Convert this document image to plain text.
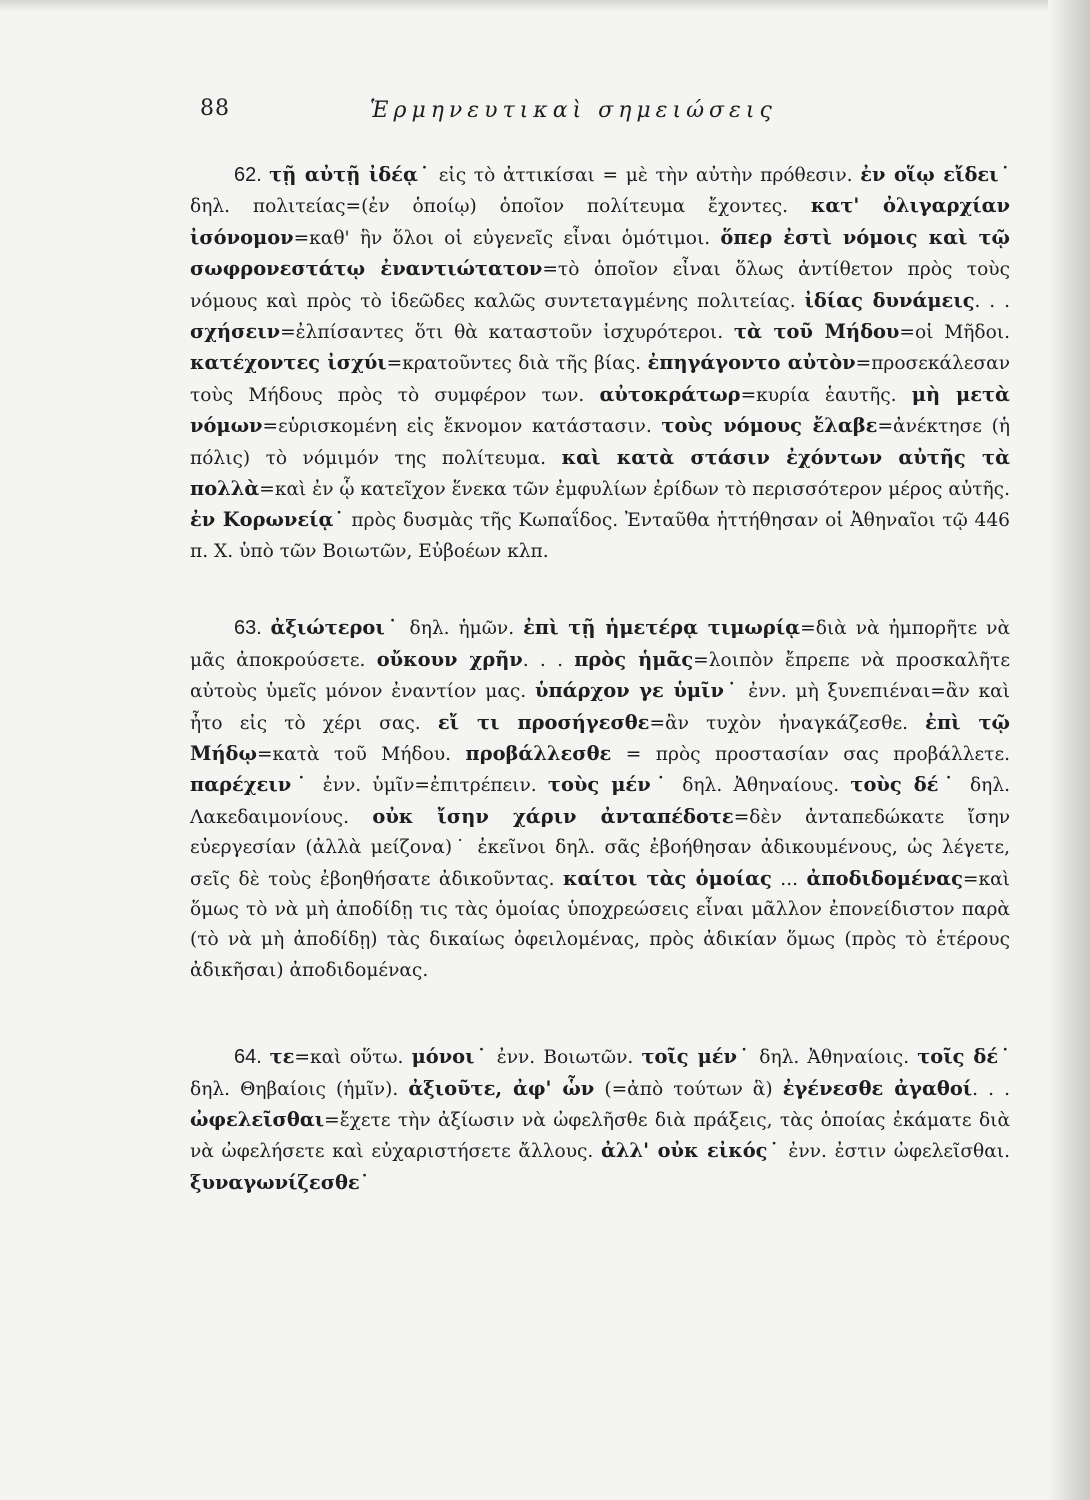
88	Ἑρμηνευτικαὶ σημειώσεις

62. τῇ αὐτῇ ἰδέᾳ˙ εἰς τὸ ἀττικίσαι = μὲ τὴν αὐτὴν πρόθεσιν. ἐν οἵῳ εἴδει˙ δηλ. πολιτείας=(ἐν ὁποίῳ) ὁποῖον πολίτευμα ἔχοντες. κατ' ὀλιγαρχίαν ἰσόνομον=καθ' ἣν ὅλοι οἱ εὐγενεῖς εἶναι ὁμότιμοι. ὅπερ ἐστὶ νόμοις καὶ τῷ σωφρονεστάτῳ ἐναντιώτατον=τὸ ὁποῖον εἶναι ὅλως ἀντίθετον πρὸς τοὺς νόμους καὶ πρὸς τὸ ἰδεῶδες καλῶς συντεταγμένης πολιτείας. ἰδίας δυνάμεις. . . σχήσειν=ἐλπίσαντες ὅτι θὰ καταστοῦν ἰσχυρότεροι. τὰ τοῦ Μήδου=οἱ Μῆδοι. κατέχοντες ἰσχύι=κρατοῦντες διὰ τῆς βίας. ἐπηγάγοντο αὐτὸν=προσεκάλεσαν τοὺς Μήδους πρὸς τὸ συμφέρον των. αὐτοκράτωρ=κυρία ἑαυτῆς. μὴ μετὰ νόμων=εὑρισκομένη εἰς ἔκνομον κατάστασιν. τοὺς νόμους ἔλαβε=ἀνέκτησε (ἡ πόλις) τὸ νόμιμόν της πολίτευμα. καὶ κατὰ στάσιν ἐχόντων αὐτῆς τὰ πολλὰ=καὶ ἐν ᾧ κατεῖχον ἕνεκα τῶν ἐμφυλίων ἐρίδων τὸ περισσότερον μέρος αὐτῆς. ἐν Κορωνείᾳ˙ πρὸς δυσμὰς τῆς Κωπαΐδος. Ἐνταῦθα ἡττήθησαν οἱ Ἀθηναῖοι τῷ 446 π. Χ. ὑπὸ τῶν Βοιωτῶν, Εὐβοέων κλπ.

63. ἀξιώτεροι˙ δηλ. ἡμῶν. ἐπὶ τῇ ἡμετέρᾳ τιμωρίᾳ=διὰ νὰ ἠμπορῆτε νὰ μᾶς ἀποκρούσετε. οὔκουν χρῆν. . . πρὸς ἡμᾶς=λοιπὸν ἔπρεπε νὰ προσκαλῆτε αὐτοὺς ὑμεῖς μόνον ἐναντίον μας. ὑπάρχον γε ὑμῖν˙ ἐνν. μὴ ξυνεπιέναι=ἂν καὶ ἦτο εἰς τὸ χέρι σας. εἴ τι προσήγεσθε=ἂν τυχὸν ἠναγκάζεσθε. ἐπὶ τῷ Μήδῳ=κατὰ τοῦ Μήδου. προβάλλεσθε = πρὸς προστασίαν σας προβάλλετε. παρέχειν˙ ἐνν. ὑμῖν=ἐπιτρέπειν. τοὺς μέν˙ δηλ. Ἀθηναίους. τοὺς δέ˙ δηλ. Λακεδαιμονίους. οὐκ ἴσην χάριν ἀνταπέδοτε=δὲν ἀνταπεδώκατε ἴσην εὐεργεσίαν (ἀλλὰ μείζονα)˙ ἐκεῖνοι δηλ. σᾶς ἐβοήθησαν ἀδικουμένους, ὡς λέγετε, σεῖς δὲ τοὺς ἐβοηθήσατε ἀδικοῦντας. καίτοι τὰς ὁμοίας ... ἀποδιδομένας=καὶ ὅμως τὸ νὰ μὴ ἀποδίδῃ τις τὰς ὁμοίας ὑποχρεώσεις εἶναι μᾶλλον ἐπονείδιστον παρὰ (τὸ νὰ μὴ ἀποδίδῃ) τὰς δικαίως ὀφειλομένας, πρὸς ἀδικίαν ὅμως (πρὸς τὸ ἑτέρους ἀδικῆσαι) ἀποδιδομένας.

64. τε=καὶ οὕτω. μόνοι˙ ἐνν. Βοιωτῶν. τοῖς μέν˙ δηλ. Ἀθηναίοις. τοῖς δέ˙ δηλ. Θηβαίοις (ἡμῖν). ἀξιοῦτε, ἀφ' ὧν (=ἀπὸ τούτων ἃ) ἐγένεσθε ἀγαθοί. . . ὠφελεῖσθαι=ἔχετε τὴν ἀξίωσιν νὰ ὠφελῆσθε διὰ πράξεις, τὰς ὁποίας ἐκάματε διὰ νὰ ὠφελήσετε καὶ εὐχαριστήσετε ἄλλους. ἀλλ' οὐκ εἰκός˙ ἐνν. ἐστιν ὠφελεῖσθαι. ξυναγωνίζεσθε˙
